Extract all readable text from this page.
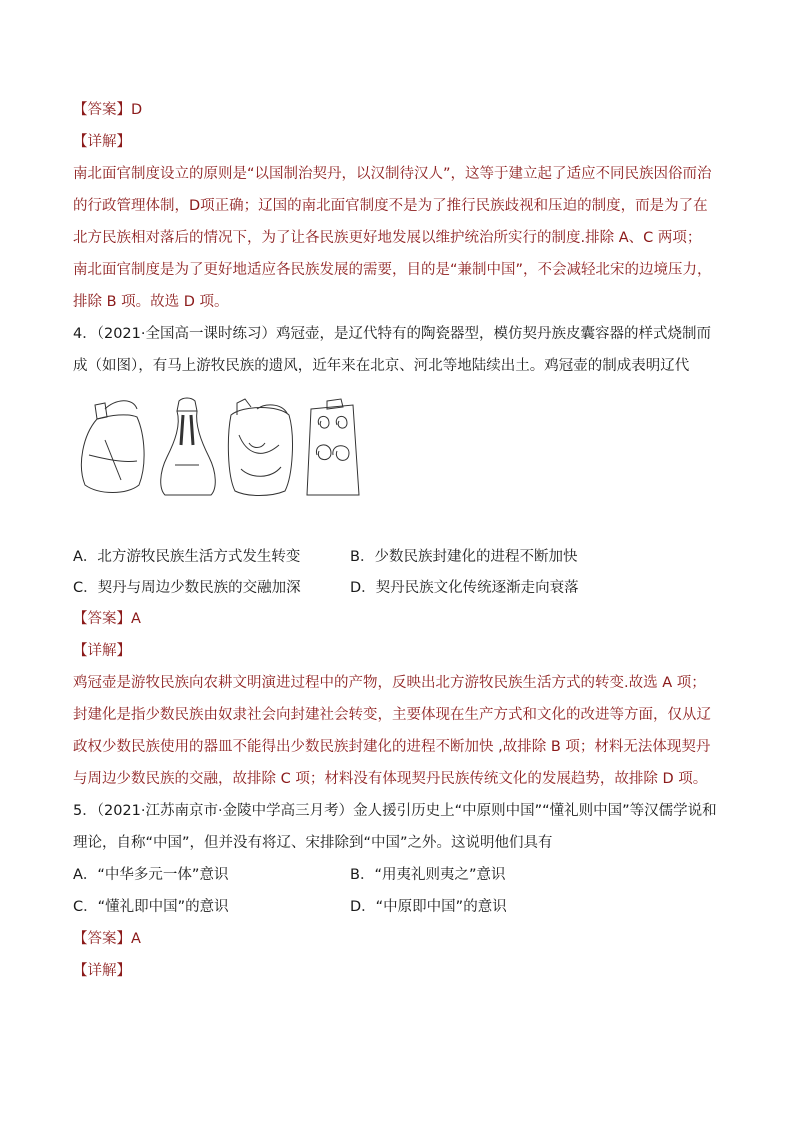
【答案】D
【详解】
南北面官制度设立的原则是“以国制治契丹，以汉制待汉人”，这等于建立起了适应不同民族因俗而治
的行政管理体制，D项正确；辽国的南北面官制度不是为了推行民族歧视和压迫的制度，而是为了在
北方民族相对落后的情况下，为了让各民族更好地发展以维护统治所实行的制度.排除 A、C 两项；
南北面官制度是为了更好地适应各民族发展的需要，目的是“兼制中国”，不会减轻北宋的边境压力，
排除 B 项。故选 D 项。
4．（2021·全国高一课时练习）鸡冠壶，是辽代特有的陶瓷器型，模仿契丹族皮囊容器的样式烧制而
成（如图），有马上游牧民族的遗风，近年来在北京、河北等地陆续出土。鸡冠壶的制成表明辽代
A．北方游牧民族生活方式发生转变	B．少数民族封建化的进程不断加快
C．契丹与周边少数民族的交融加深	D．契丹民族文化传统逐渐走向衰落
【答案】A
【详解】
鸡冠壶是游牧民族向农耕文明演进过程中的产物，反映出北方游牧民族生活方式的转变.故选 A 项；
封建化是指少数民族由奴隶社会向封建社会转变，主要体现在生产方式和文化的改进等方面，仅从辽
政权少数民族使用的器皿不能得出少数民族封建化的进程不断加快 ,故排除 B 项；材料无法体现契丹
与周边少数民族的交融，故排除 C 项；材料没有体现契丹民族传统文化的发展趋势，故排除 D 项。
5．（2021·江苏南京市·金陵中学高三月考）金人援引历史上“中原则中国”“懂礼则中国”等汉儒学说和
理论，自称“中国”，但并没有将辽、宋排除到“中国”之外。这说明他们具有
A．“中华多元一体”意识	B．“用夷礼则夷之”意识
C．“懂礼即中国”的意识	D．“中原即中国”的意识
【答案】A
【详解】
